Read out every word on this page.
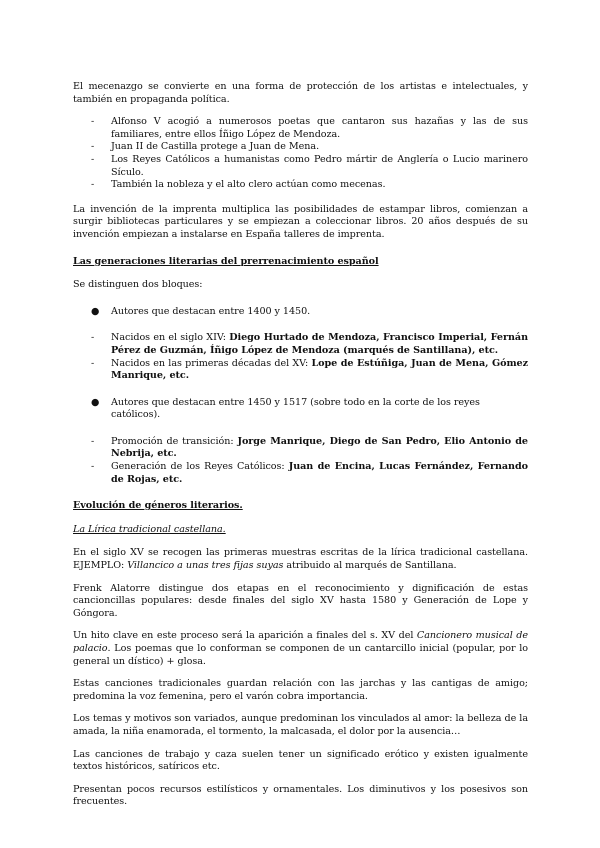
El mecenazgo se convierte en una forma de protección de los artistas e intelectuales, y también en propaganda política.

- Alfonso V acogió a numerosos poetas que cantaron sus hazañas y las de sus familiares, entre ellos Íñigo López de Mendoza.
- Juan II de Castilla protege a Juan de Mena.
- Los Reyes Católicos a humanistas como Pedro mártir de Anglería o Lucio marinero Sículo.
- También la nobleza y el alto clero actúan como mecenas.

La invención de la imprenta multiplica las posibilidades de estampar libros, comienzan a surgir bibliotecas particulares y se empiezan a coleccionar libros. 20 años después de su invención empiezan a instalarse en España talleres de imprenta.

Las generaciones literarias del prerrenacimiento español

Se distinguen dos bloques:

● Autores que destacan entre 1400 y 1450.
- Nacidos en el siglo XIV: Diego Hurtado de Mendoza, Francisco Imperial, Fernán Pérez de Guzmán, Íñigo López de Mendoza (marqués de Santillana), etc.
- Nacidos en las primeras décadas del XV: Lope de Estúñiga, Juan de Mena, Gómez Manrique, etc.
● Autores que destacan entre 1450 y 1517 (sobre todo en la corte de los reyes católicos).
- Promoción de transición: Jorge Manrique, Diego de San Pedro, Elio Antonio de Nebrija, etc.
- Generación de los Reyes Católicos: Juan de Encina, Lucas Fernández, Fernando de Rojas, etc.

Evolución de géneros literarios.

La Lírica tradicional castellana.

En el siglo XV se recogen las primeras muestras escritas de la lírica tradicional castellana. EJEMPLO: Villancico a unas tres fijas suyas atribuido al marqués de Santillana.

Frenk Alatorre distingue dos etapas en el reconocimiento y dignificación de estas cancioncillas populares: desde finales del siglo XV hasta 1580 y Generación de Lope y Góngora.

Un hito clave en este proceso será la aparición a finales del s. XV del Cancionero musical de palacio. Los poemas que lo conforman se componen de un cantarcillo inicial (popular, por lo general un dístico) + glosa.

Estas canciones tradicionales guardan relación con las jarchas y las cantigas de amigo; predomina la voz femenina, pero el varón cobra importancia.

Los temas y motivos son variados, aunque predominan los vinculados al amor: la belleza de la amada, la niña enamorada, el tormento, la malcasada, el dolor por la ausencia…

Las canciones de trabajo y caza suelen tener un significado erótico y existen igualmente textos históricos, satíricos etc.

Presentan pocos recursos estilísticos y ornamentales. Los diminutivos y los posesivos son frecuentes.
